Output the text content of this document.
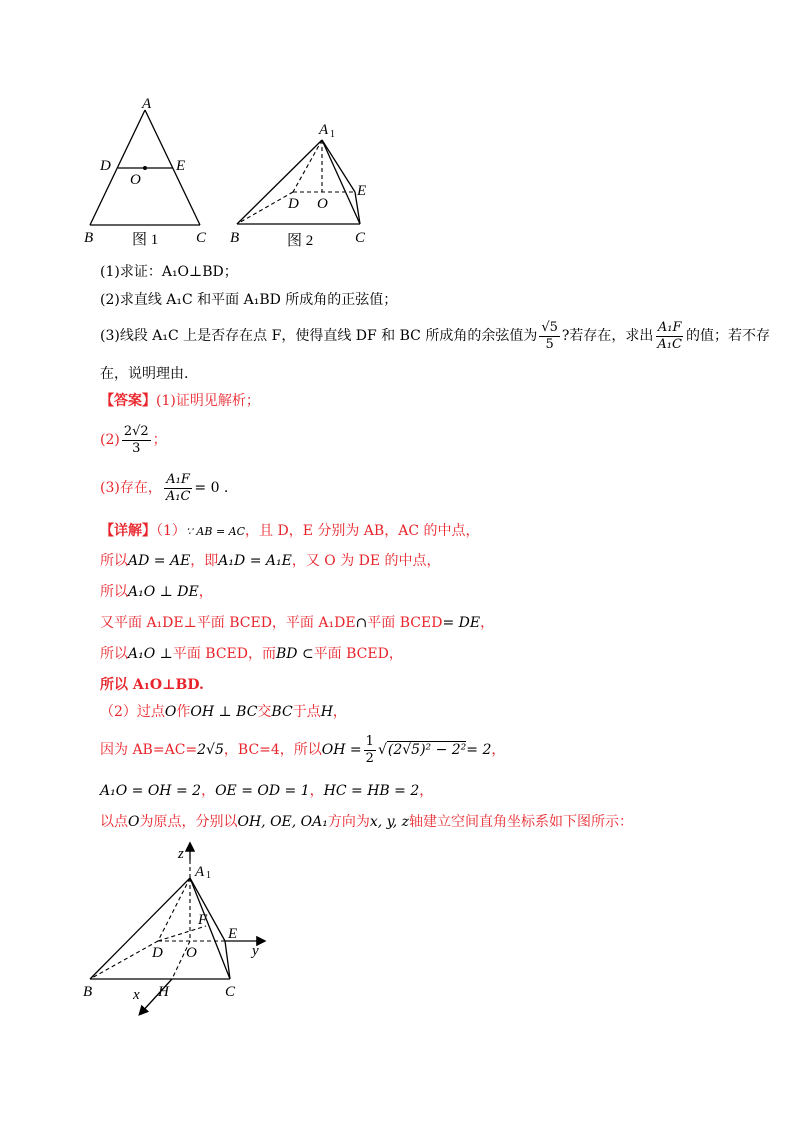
A
D	E
O
B	C
图 1
A 1
E
D O
B	C
图 2
(1)求证：A₁O⊥BD；
(2)求直线 A₁C 和平面 A₁BD 所成角的正弦值；
(3)线段 A₁C 上是否存在点 F，使得直线 DF 和 BC 所成角的余弦值为 $\frac{√5}{5}$ ?若存在，求出 $\frac{\text{A₁F}}{\text{A₁C}}$ 的值；若不存
在，说明理由.
【答案】(1)证明见解析；
$(2) \frac{2√2}{3}$ ；
(3)存在， $\frac{\text{A₁F}}{\text{A₁C}} = 0$ .
【详解】（1）∵ AB = AC，且 D，E 分别为 AB，AC 的中点，
所以AD = AE，即A₁D = A₁E，又 O 为 DE 的中点，
所以A₁O ⊥ DE，
又平面 A₁DE⊥平面 BCED，平面 A₁DE∩平面 BCED= DE，
所以A₁O ⊥平面 BCED，而BD ⊂平面 BCED，
所以 A₁O⊥BD.
（2）过点O作OH ⊥ BC交BC于点H，
因为 AB=AC=2√5，BC=4，所以OH = $\frac{1}{2} √(2√5)^2 - 2^2= 2$，
A₁O = OH = 2，OE = OD = 1，HC = HB = 2，
以点O为原点，分别以OH, OE, OA₁方向为x, y, z轴建立空间直角坐标系如下图所示：
z
A 1
F
E
D O	y
B	x H	C
